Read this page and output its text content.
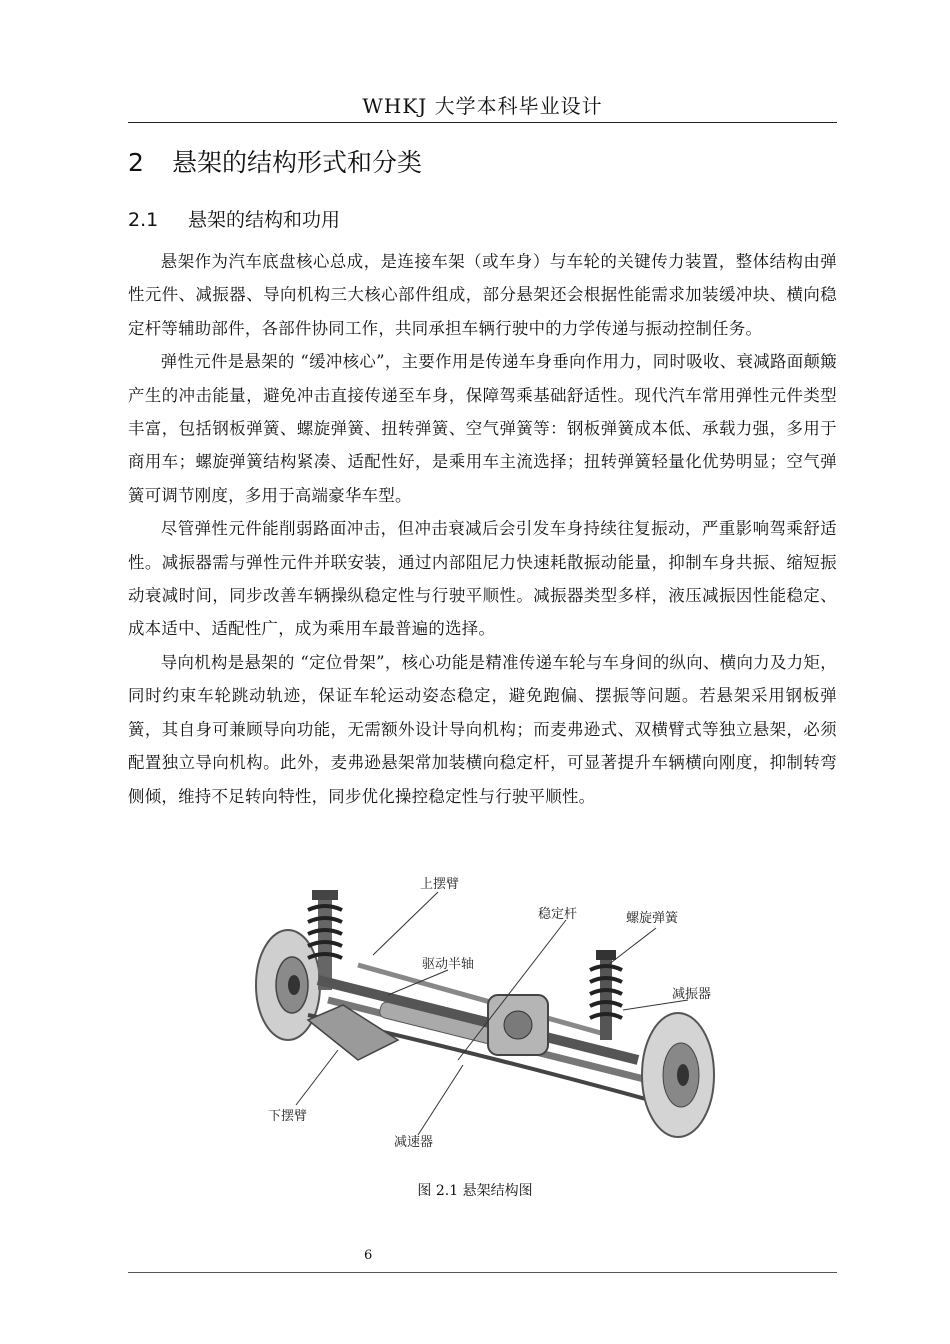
WHKJ 大学本科毕业设计
2 悬架的结构形式和分类
2.1 悬架的结构和功用

悬架作为汽车底盘核心总成，是连接车架（或车身）与车轮的关键传力装置，整体结构由弹性元件、减振器、导向机构三大核心部件组成，部分悬架还会根据性能需求加装缓冲块、横向稳定杆等辅助部件，各部件协同工作，共同承担车辆行驶中的力学传递与振动控制任务。

弹性元件是悬架的 “缓冲核心”，主要作用是传递车身垂向作用力，同时吸收、衰减路面颠簸产生的冲击能量，避免冲击直接传递至车身，保障驾乘基础舒适性。现代汽车常用弹性元件类型丰富，包括钢板弹簧、螺旋弹簧、扭转弹簧、空气弹簧等：钢板弹簧成本低、承载力强，多用于商用车；螺旋弹簧结构紧凑、适配性好，是乘用车主流选择；扭转弹簧轻量化优势明显；空气弹簧可调节刚度，多用于高端豪华车型。

尽管弹性元件能削弱路面冲击，但冲击衰减后会引发车身持续往复振动，严重影响驾乘舒适性。减振器需与弹性元件并联安装，通过内部阻尼力快速耗散振动能量，抑制车身共振、缩短振动衰减时间，同步改善车辆操纵稳定性与行驶平顺性。减振器类型多样，液压减振因性能稳定、成本适中、适配性广，成为乘用车最普遍的选择。

导向机构是悬架的 “定位骨架”，核心功能是精准传递车轮与车身间的纵向、横向力及力矩，同时约束车轮跳动轨迹，保证车轮运动姿态稳定，避免跑偏、摆振等问题。若悬架采用钢板弹簧，其自身可兼顾导向功能，无需额外设计导向机构；而麦弗逊式、双横臂式等独立悬架，必须配置独立导向机构。此外，麦弗逊悬架常加装横向稳定杆，可显著提升车辆横向刚度，抑制转弯侧倾，维持不足转向特性，同步优化操控稳定性与行驶平顺性。

上摆臂
稳定杆	螺旋弹簧
驱动半轴
减振器
下摆臂
减速器
图 2.1 悬架结构图
6
